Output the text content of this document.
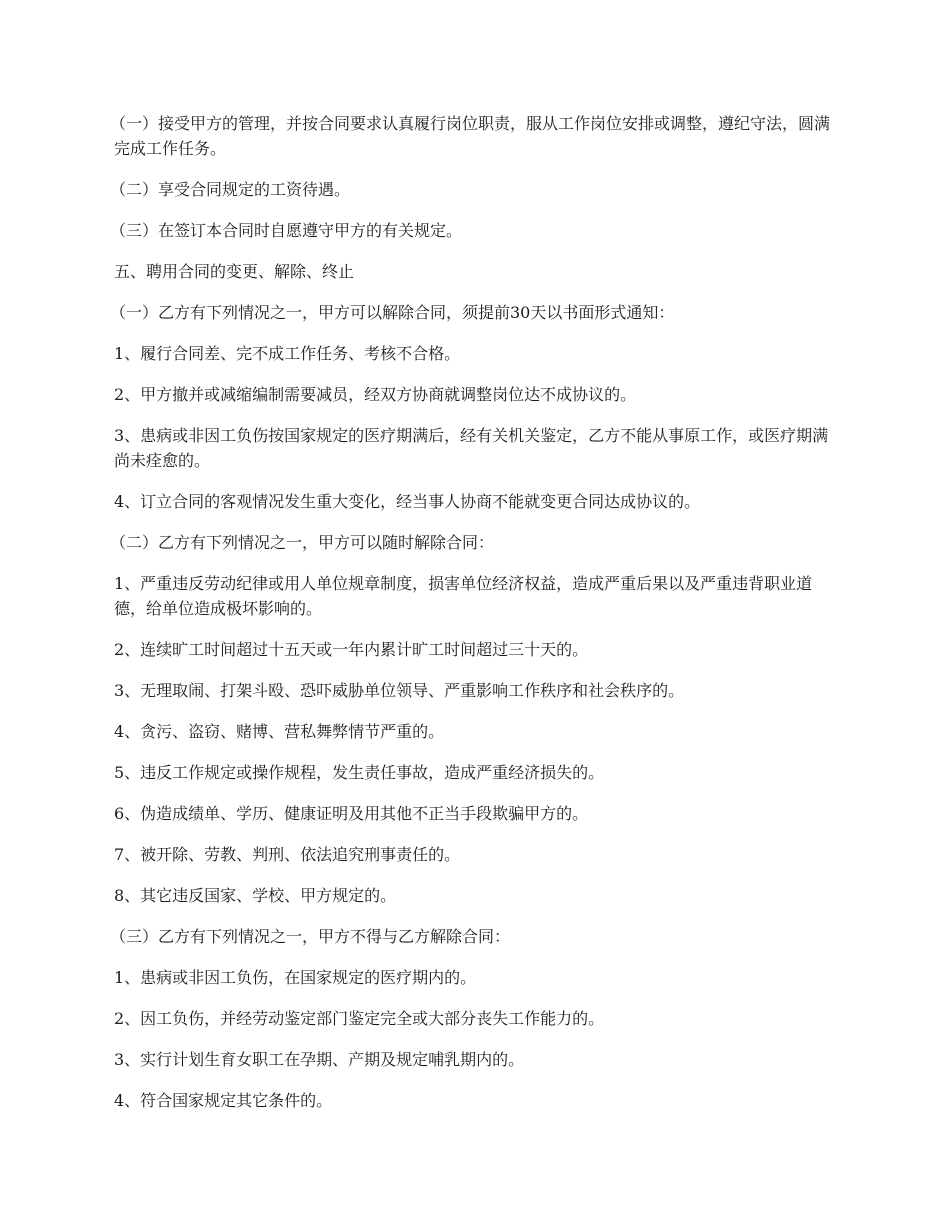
（一）接受甲方的管理，并按合同要求认真履行岗位职责，服从工作岗位安排或调整，遵纪守法，圆满完成工作任务。

（二）享受合同规定的工资待遇。

（三）在签订本合同时自愿遵守甲方的有关规定。

五、聘用合同的变更、解除、终止

（一）乙方有下列情况之一，甲方可以解除合同，须提前30天以书面形式通知：

1、履行合同差、完不成工作任务、考核不合格。

2、甲方撤并或减缩编制需要减员，经双方协商就调整岗位达不成协议的。

3、患病或非因工负伤按国家规定的医疗期满后，经有关机关鉴定，乙方不能从事原工作，或医疗期满尚未痊愈的。

4、订立合同的客观情况发生重大变化，经当事人协商不能就变更合同达成协议的。

（二）乙方有下列情况之一，甲方可以随时解除合同：

1、严重违反劳动纪律或用人单位规章制度，损害单位经济权益，造成严重后果以及严重违背职业道德，给单位造成极坏影响的。

2、连续旷工时间超过十五天或一年内累计旷工时间超过三十天的。

3、无理取闹、打架斗殴、恐吓威胁单位领导、严重影响工作秩序和社会秩序的。

4、贪污、盗窃、赌博、营私舞弊情节严重的。

5、违反工作规定或操作规程，发生责任事故，造成严重经济损失的。

6、伪造成绩单、学历、健康证明及用其他不正当手段欺骗甲方的。

7、被开除、劳教、判刑、依法追究刑事责任的。

8、其它违反国家、学校、甲方规定的。

（三）乙方有下列情况之一，甲方不得与乙方解除合同：

1、患病或非因工负伤，在国家规定的医疗期内的。

2、因工负伤，并经劳动鉴定部门鉴定完全或大部分丧失工作能力的。

3、实行计划生育女职工在孕期、产期及规定哺乳期内的。

4、符合国家规定其它条件的。
